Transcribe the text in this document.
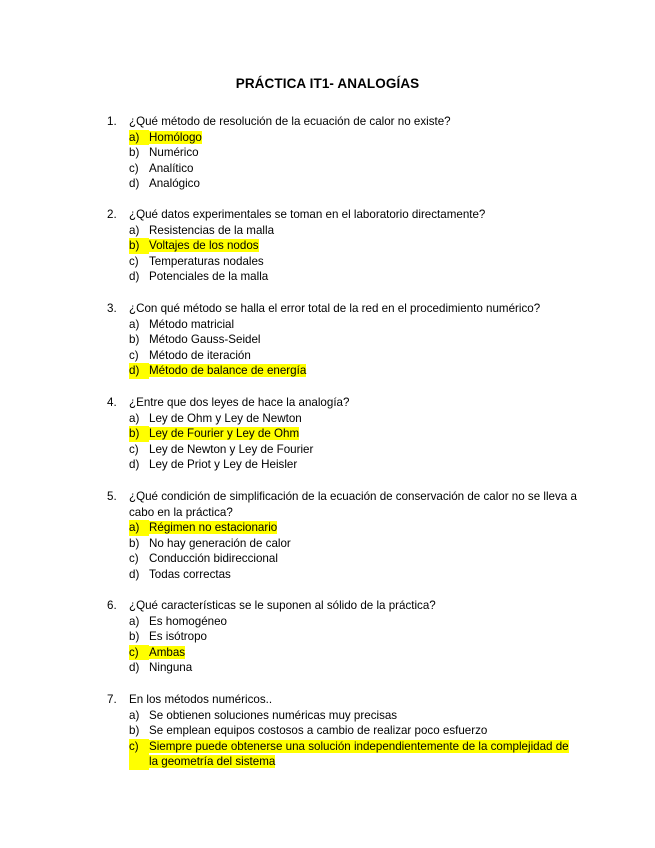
PRÁCTICA IT1- ANALOGÍAS
1.	¿Qué método de resolución de la ecuación de calor no existe?
a) Homólogo
b) Numérico
c) Analítico
d) Analógico
2.	¿Qué datos experimentales se toman en el laboratorio directamente?
a) Resistencias de la malla
b) Voltajes de los nodos
c) Temperaturas nodales
d) Potenciales de la malla
3.	¿Con qué método se halla el error total de la red en el procedimiento numérico?
a) Método matricial
b) Método Gauss-Seidel
c) Método de iteración
d) Método de balance de energía
4.	¿Entre que dos leyes de hace la analogía?
a) Ley de Ohm y Ley de Newton
b) Ley de Fourier y Ley de Ohm
c) Ley de Newton y Ley de Fourier
d) Ley de Priot y Ley de Heisler
5.	¿Qué condición de simplificación de la ecuación de conservación de calor no se lleva a cabo en la práctica?
a) Régimen no estacionario
b) No hay generación de calor
c) Conducción bidireccional
d) Todas correctas
6.	¿Qué características se le suponen al sólido de la práctica?
a) Es homogéneo
b) Es isótropo
c) Ambas
d) Ninguna
7.	En los métodos numéricos..
a) Se obtienen soluciones numéricas muy precisas
b) Se emplean equipos costosos a cambio de realizar poco esfuerzo
c) Siempre puede obtenerse una solución independientemente de la complejidad de la geometría del sistema
